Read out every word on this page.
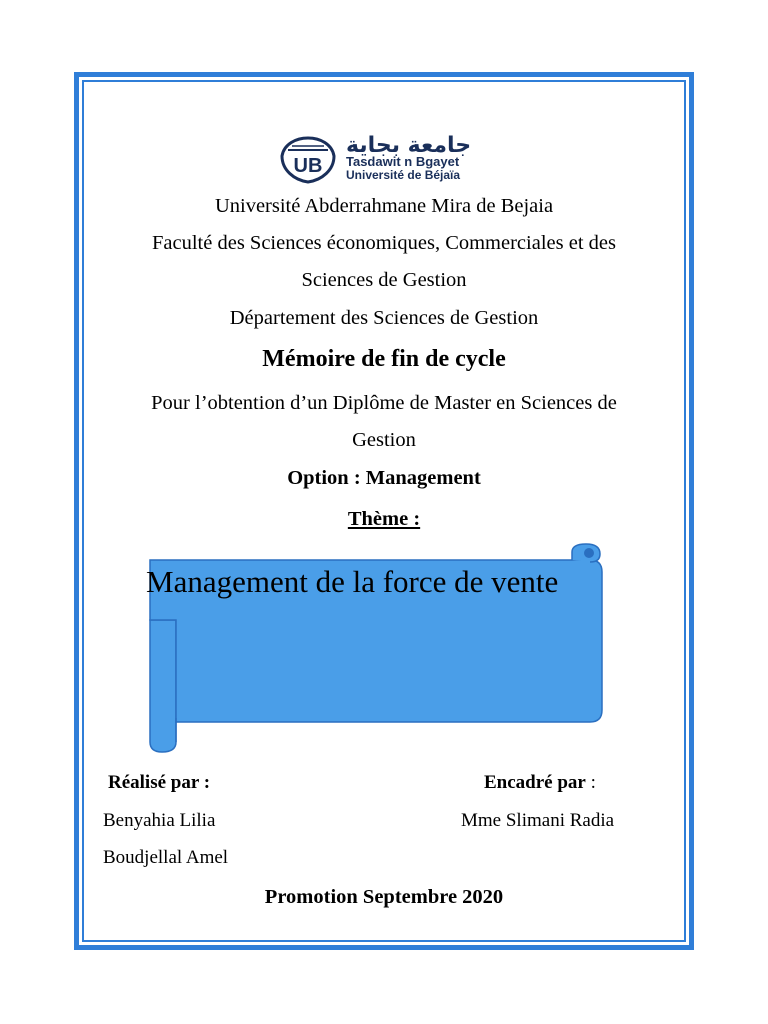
UB
جامعة بجاية
Tasdawit n Bgayet
Université de Béjaïa
Université Abderrahmane Mira de Bejaia
Faculté des Sciences économiques, Commerciales et des
Sciences de Gestion
Département des Sciences de Gestion
Mémoire de fin de cycle
Pour l’obtention d’un Diplôme de Master en Sciences de
Gestion
Option : Management
Thème :
Management de la force de vente
Réalisé par :	Encadré par :
Benyahia Lilia	Mme Slimani Radia
Boudjellal Amel
Promotion Septembre 2020
